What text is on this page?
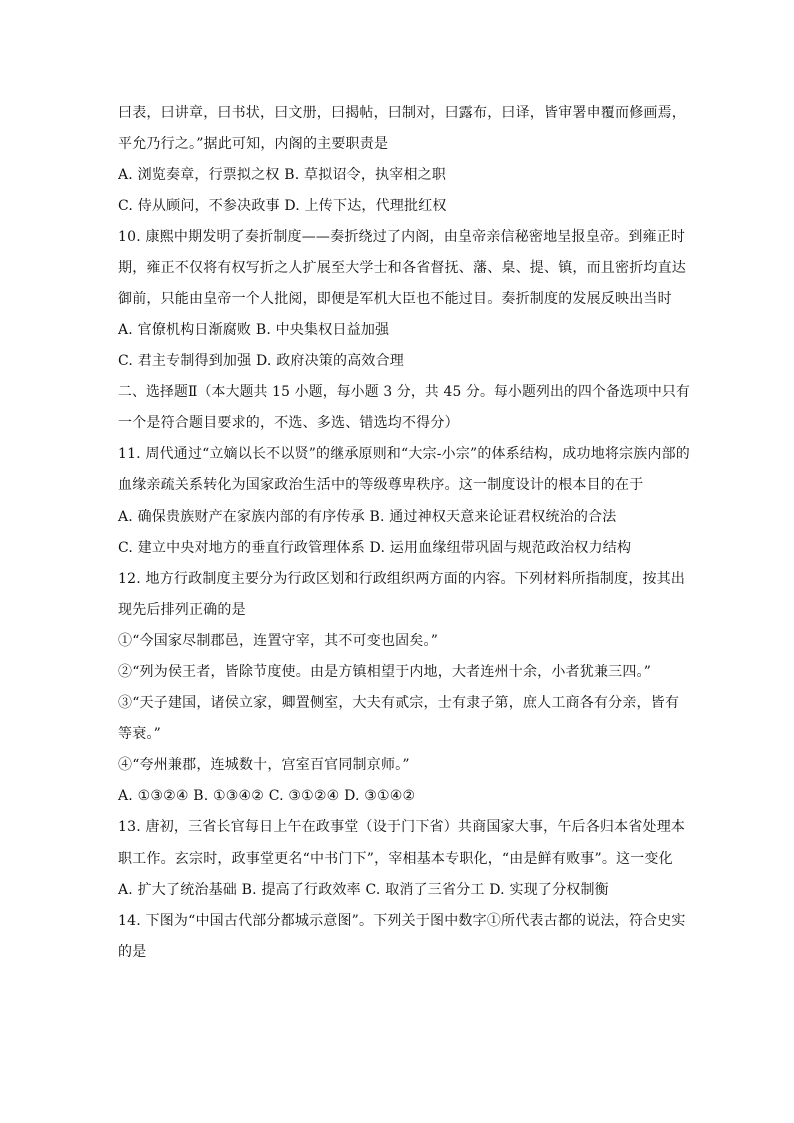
曰表，曰讲章，曰书状，曰文册，曰揭帖，曰制对，曰露布，曰译，皆审署申覆而修画焉，
平允乃行之。”据此可知，内阁的主要职责是
A. 浏览奏章，行票拟之权 B. 草拟诏令，执宰相之职
C. 侍从顾问，不参决政事 D. 上传下达，代理批红权
10. 康熙中期发明了奏折制度——奏折绕过了内阁，由皇帝亲信秘密地呈报皇帝。到雍正时
期，雍正不仅将有权写折之人扩展至大学士和各省督抚、藩、臬、提、镇，而且密折均直达
御前，只能由皇帝一个人批阅，即便是军机大臣也不能过目。奏折制度的发展反映出当时
A. 官僚机构日渐腐败 B. 中央集权日益加强
C. 君主专制得到加强 D. 政府决策的高效合理
二、选择题Ⅱ（本大题共 15 小题，每小题 3 分，共 45 分。每小题列出的四个备选项中只有
一个是符合题目要求的，不选、多选、错选均不得分）
11. 周代通过“立嫡以长不以贤”的继承原则和“大宗-小宗”的体系结构，成功地将宗族内部的
血缘亲疏关系转化为国家政治生活中的等级尊卑秩序。这一制度设计的根本目的在于
A. 确保贵族财产在家族内部的有序传承 B. 通过神权天意来论证君权统治的合法
C. 建立中央对地方的垂直行政管理体系 D. 运用血缘纽带巩固与规范政治权力结构
12. 地方行政制度主要分为行政区划和行政组织两方面的内容。下列材料所指制度，按其出
现先后排列正确的是
①“今国家尽制郡邑，连置守宰，其不可变也固矣。”
②“列为侯王者，皆除节度使。由是方镇相望于内地，大者连州十余，小者犹兼三四。”
③“天子建国，诸侯立家，卿置侧室，大夫有贰宗，士有隶子第，庶人工商各有分亲，皆有
等衰。”
④“夸州兼郡，连城数十，宫室百官同制京师。”
A. ①③②④ B. ①③④② C. ③①②④ D. ③①④②
13. 唐初，三省长官每日上午在政事堂（设于门下省）共商国家大事，午后各归本省处理本
职工作。玄宗时，政事堂更名“中书门下”，宰相基本专职化，“由是鲜有败事”。这一变化
A. 扩大了统治基础 B. 提高了行政效率 C. 取消了三省分工 D. 实现了分权制衡
14. 下图为“中国古代部分都城示意图”。下列关于图中数字①所代表古都的说法，符合史实
的是
